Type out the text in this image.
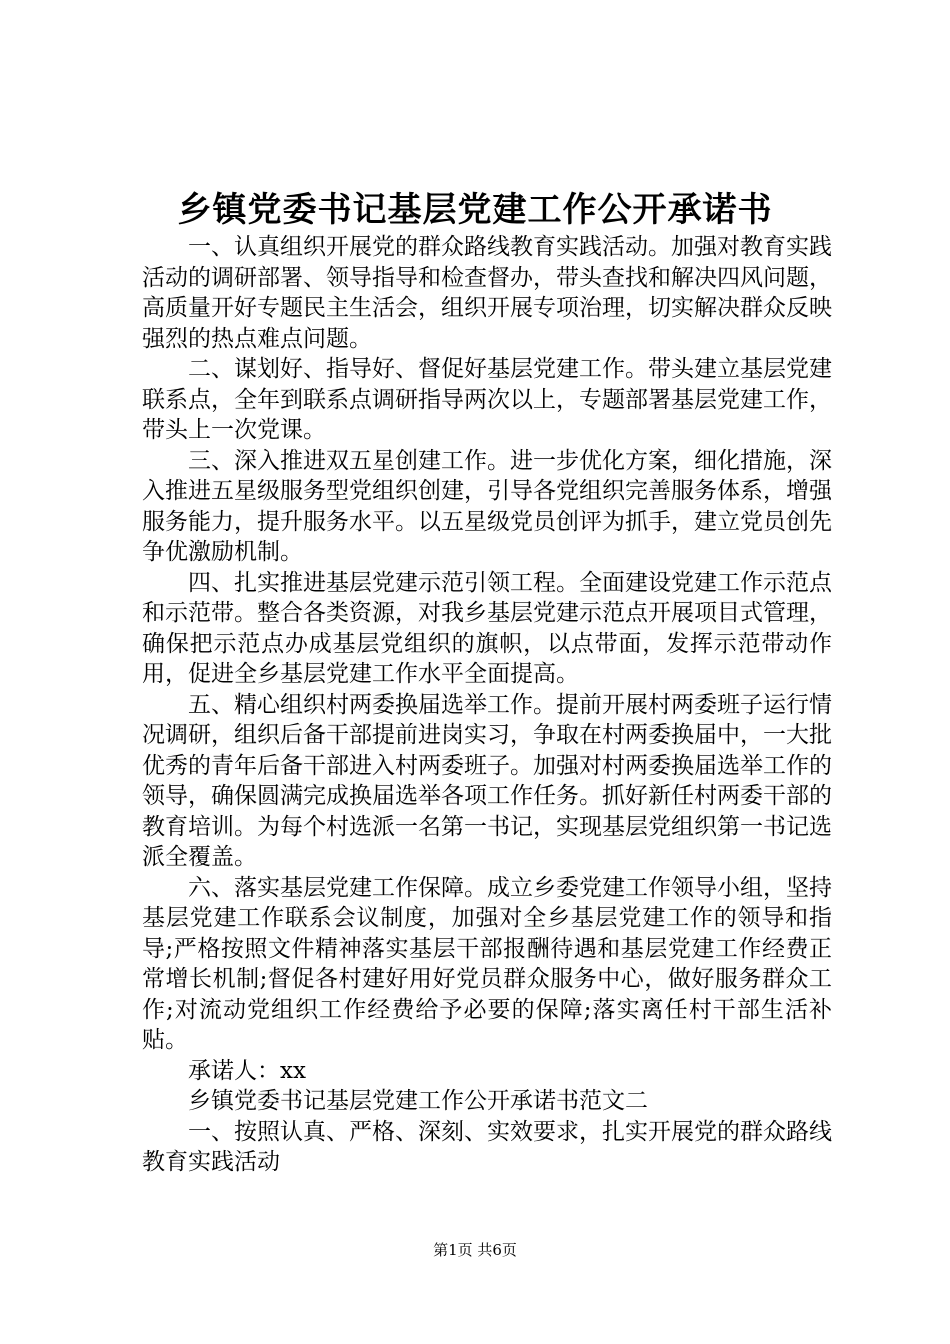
乡镇党委书记基层党建工作公开承诺书

一、认真组织开展党的群众路线教育实践活动。加强对教育实践活动的调研部署、领导指导和检查督办，带头查找和解决四风问题，高质量开好专题民主生活会，组织开展专项治理，切实解决群众反映强烈的热点难点问题。

二、谋划好、指导好、督促好基层党建工作。带头建立基层党建联系点，全年到联系点调研指导两次以上，专题部署基层党建工作，带头上一次党课。

三、深入推进双五星创建工作。进一步优化方案，细化措施，深入推进五星级服务型党组织创建，引导各党组织完善服务体系，增强服务能力，提升服务水平。以五星级党员创评为抓手，建立党员创先争优激励机制。

四、扎实推进基层党建示范引领工程。全面建设党建工作示范点和示范带。整合各类资源，对我乡基层党建示范点开展项目式管理，确保把示范点办成基层党组织的旗帜，以点带面，发挥示范带动作用，促进全乡基层党建工作水平全面提高。

五、精心组织村两委换届选举工作。提前开展村两委班子运行情况调研，组织后备干部提前进岗实习，争取在村两委换届中，一大批优秀的青年后备干部进入村两委班子。加强对村两委换届选举工作的领导，确保圆满完成换届选举各项工作任务。抓好新任村两委干部的教育培训。为每个村选派一名第一书记，实现基层党组织第一书记选派全覆盖。

六、落实基层党建工作保障。成立乡委党建工作领导小组，坚持基层党建工作联系会议制度，加强对全乡基层党建工作的领导和指导;严格按照文件精神落实基层干部报酬待遇和基层党建工作经费正常增长机制;督促各村建好用好党员群众服务中心，做好服务群众工作;对流动党组织工作经费给予必要的保障;落实离任村干部生活补贴。

承诺人：xx

乡镇党委书记基层党建工作公开承诺书范文二

一、按照认真、严格、深刻、实效要求，扎实开展党的群众路线教育实践活动

第1页 共6页
